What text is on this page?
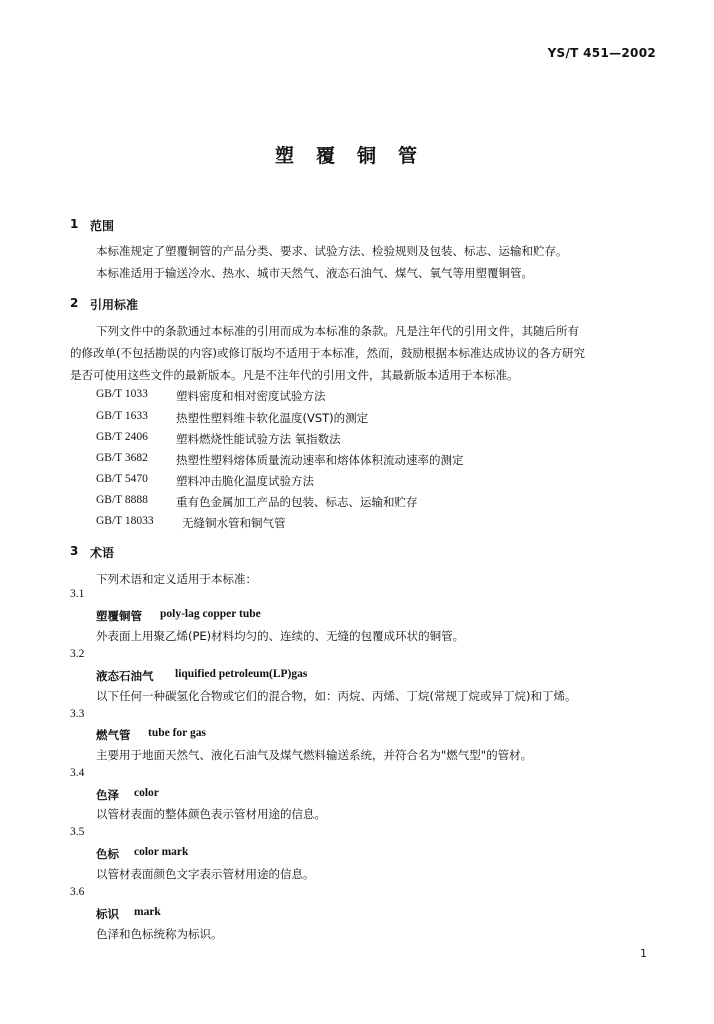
YS/T 451—2002
塑覆铜管
1 范围
本标准规定了塑覆铜管的产品分类、要求、试验方法、检验规则及包装、标志、运输和贮存。
本标准适用于输送冷水、热水、城市天然气、液态石油气、煤气、氧气等用塑覆铜管。
2 引用标准
下列文件中的条款通过本标准的引用而成为本标准的条款。凡是注年代的引用文件，其随后所有
的修改单(不包括勘误的内容)或修订版均不适用于本标准，然而，鼓励根据本标准达成协议的各方研究
是否可使用这些文件的最新版本。凡是不注年代的引用文件，其最新版本适用于本标准。
GB/T 1033 塑料密度和相对密度试验方法
GB/T 1633 热塑性塑料维卡软化温度(VST)的测定
GB/T 2406 塑料燃烧性能试验方法 氧指数法
GB/T 3682 热塑性塑料熔体质量流动速率和熔体体积流动速率的测定
GB/T 5470 塑料冲击脆化温度试验方法
GB/T 8888 重有色金属加工产品的包装、标志、运输和贮存
GB/T 18033 无缝铜水管和铜气管
3 术语
下列术语和定义适用于本标准：
3.1
塑覆铜管 poly-lag copper tube
外表面上用聚乙烯(PE)材料均匀的、连续的、无缝的包覆成环状的铜管。
3.2
液态石油气 liquified petroleum(LP)gas
以下任何一种碳氢化合物或它们的混合物，如：丙烷、丙烯、丁烷(常规丁烷或异丁烷)和丁烯。
3.3
燃气管 tube for gas
主要用于地面天然气、液化石油气及煤气燃料输送系统，并符合名为"燃气型"的管材。
3.4
色泽 color
以管材表面的整体颜色表示管材用途的信息。
3.5
色标 color mark
以管材表面颜色文字表示管材用途的信息。
3.6
标识 mark
色泽和色标统称为标识。
1
